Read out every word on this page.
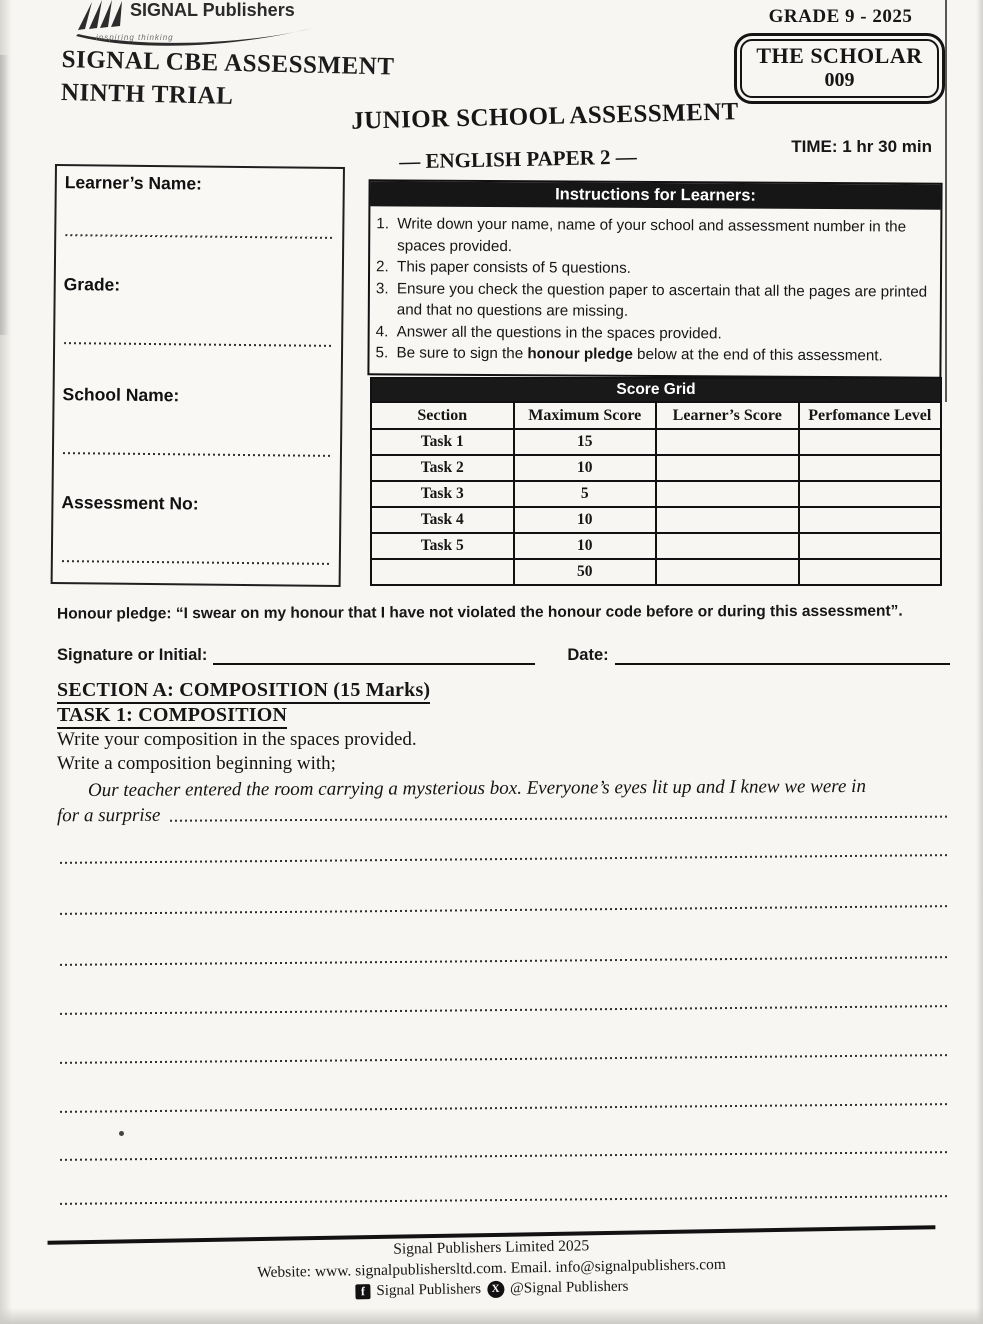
SIGNAL Publishers
inspiring thinking
SIGNAL CBE ASSESSMENT
NINTH TRIAL
GRADE 9 - 2025
THE SCHOLAR
009
JUNIOR SCHOOL ASSESSMENT
— ENGLISH PAPER 2 —	TIME: 1 hr 30 min
Learner’s Name:
Grade:
School Name:
Assessment No:
Instructions for Learners:
1. Write down your name, name of your school and assessment number in the spaces provided.
2. This paper consists of 5 questions.
3. Ensure you check the question paper to ascertain that all the pages are printed and that no questions are missing.
4. Answer all the questions in the spaces provided.
5. Be sure to sign the honour pledge below at the end of this assessment.
Score Grid
Section	Maximum Score	Learner’s Score	Perfomance Level
Task 1	15		
Task 2	10		
Task 3	5		
Task 4	10		
Task 5	10		
	50		
Honour pledge: “I swear on my honour that I have not violated the honour code before or during this assessment”.
Signature or Initial:	Date:
SECTION A: COMPOSITION (15 Marks)
TASK 1: COMPOSITION
Write your composition in the spaces provided.
Write a composition beginning with;
Our teacher entered the room carrying a mysterious box. Everyone’s eyes lit up and I knew we were in
for a surprise
Signal Publishers Limited 2025
Website: www. signalpublishersltd.com. Email. info@signalpublishers.com
f Signal Publishers X @Signal Publishers
